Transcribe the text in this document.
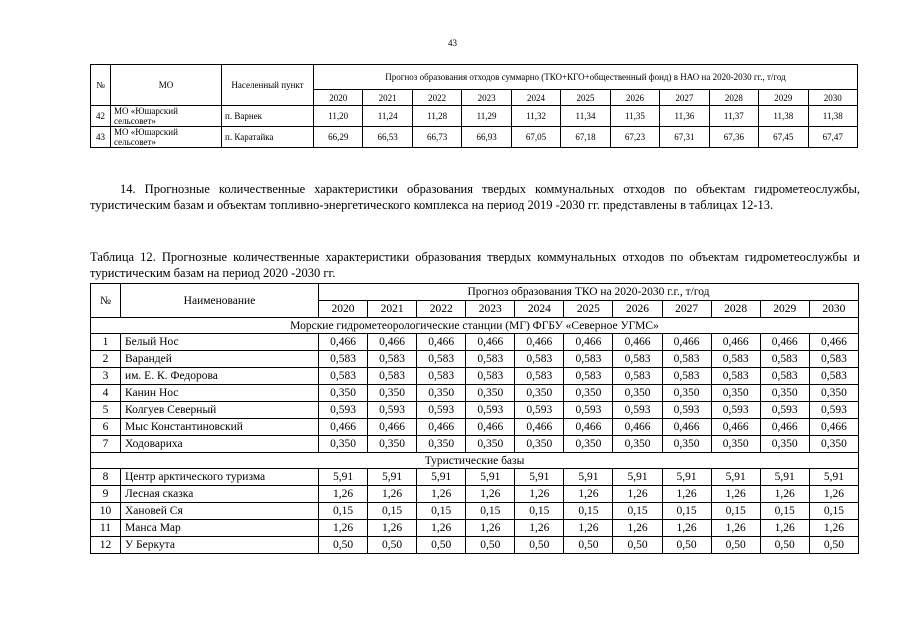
43
№	МО	Населенный пункт	Прогноз образования отходов суммарно (ТКО+КГО+общественный фонд) в НАО на 2020-2030 гг., т/год										
			2020	2021	2022	2023	2024	2025	2026	2027	2028	2029	2030
42	МО «Юшарский сельсовет»	п. Варнек	11,20	11,24	11,28	11,29	11,32	11,34	11,35	11,36	11,37	11,38	11,38
43	МО «Юшарский сельсовет»	п. Каратайка	66,29	66,53	66,73	66,93	67,05	67,18	67,23	67,31	67,36	67,45	67,47
14. Прогнозные количественные характеристики образования твердых коммунальных отходов по объектам гидрометеослужбы, туристическим базам и объектам топливно-энергетического комплекса на период 2019 -2030 гг. представлены в таблицах 12-13.
Таблица 12. Прогнозные количественные характеристики образования твердых коммунальных отходов по объектам гидрометеослужбы и туристическим базам на период 2020 -2030 гг.
№	Наименование	Прогноз образования ТКО на 2020-2030 г.г., т/год										
		2020	2021	2022	2023	2024	2025	2026	2027	2028	2029	2030
Морские гидрометеорологические станции (МГ) ФГБУ «Северное УГМС»												
1	Белый Нос	0,466	0,466	0,466	0,466	0,466	0,466	0,466	0,466	0,466	0,466	0,466
2	Варандей	0,583	0,583	0,583	0,583	0,583	0,583	0,583	0,583	0,583	0,583	0,583
3	им. Е. К. Федорова	0,583	0,583	0,583	0,583	0,583	0,583	0,583	0,583	0,583	0,583	0,583
4	Канин Нос	0,350	0,350	0,350	0,350	0,350	0,350	0,350	0,350	0,350	0,350	0,350
5	Колгуев Северный	0,593	0,593	0,593	0,593	0,593	0,593	0,593	0,593	0,593	0,593	0,593
6	Мыс Константиновский	0,466	0,466	0,466	0,466	0,466	0,466	0,466	0,466	0,466	0,466	0,466
7	Ходовариха	0,350	0,350	0,350	0,350	0,350	0,350	0,350	0,350	0,350	0,350	0,350
Туристические базы												
8	Центр арктического туризма	5,91	5,91	5,91	5,91	5,91	5,91	5,91	5,91	5,91	5,91	5,91
9	Лесная сказка	1,26	1,26	1,26	1,26	1,26	1,26	1,26	1,26	1,26	1,26	1,26
10	Хановей Ся	0,15	0,15	0,15	0,15	0,15	0,15	0,15	0,15	0,15	0,15	0,15
11	Манса Мар	1,26	1,26	1,26	1,26	1,26	1,26	1,26	1,26	1,26	1,26	1,26
12	У Беркута	0,50	0,50	0,50	0,50	0,50	0,50	0,50	0,50	0,50	0,50	0,50
